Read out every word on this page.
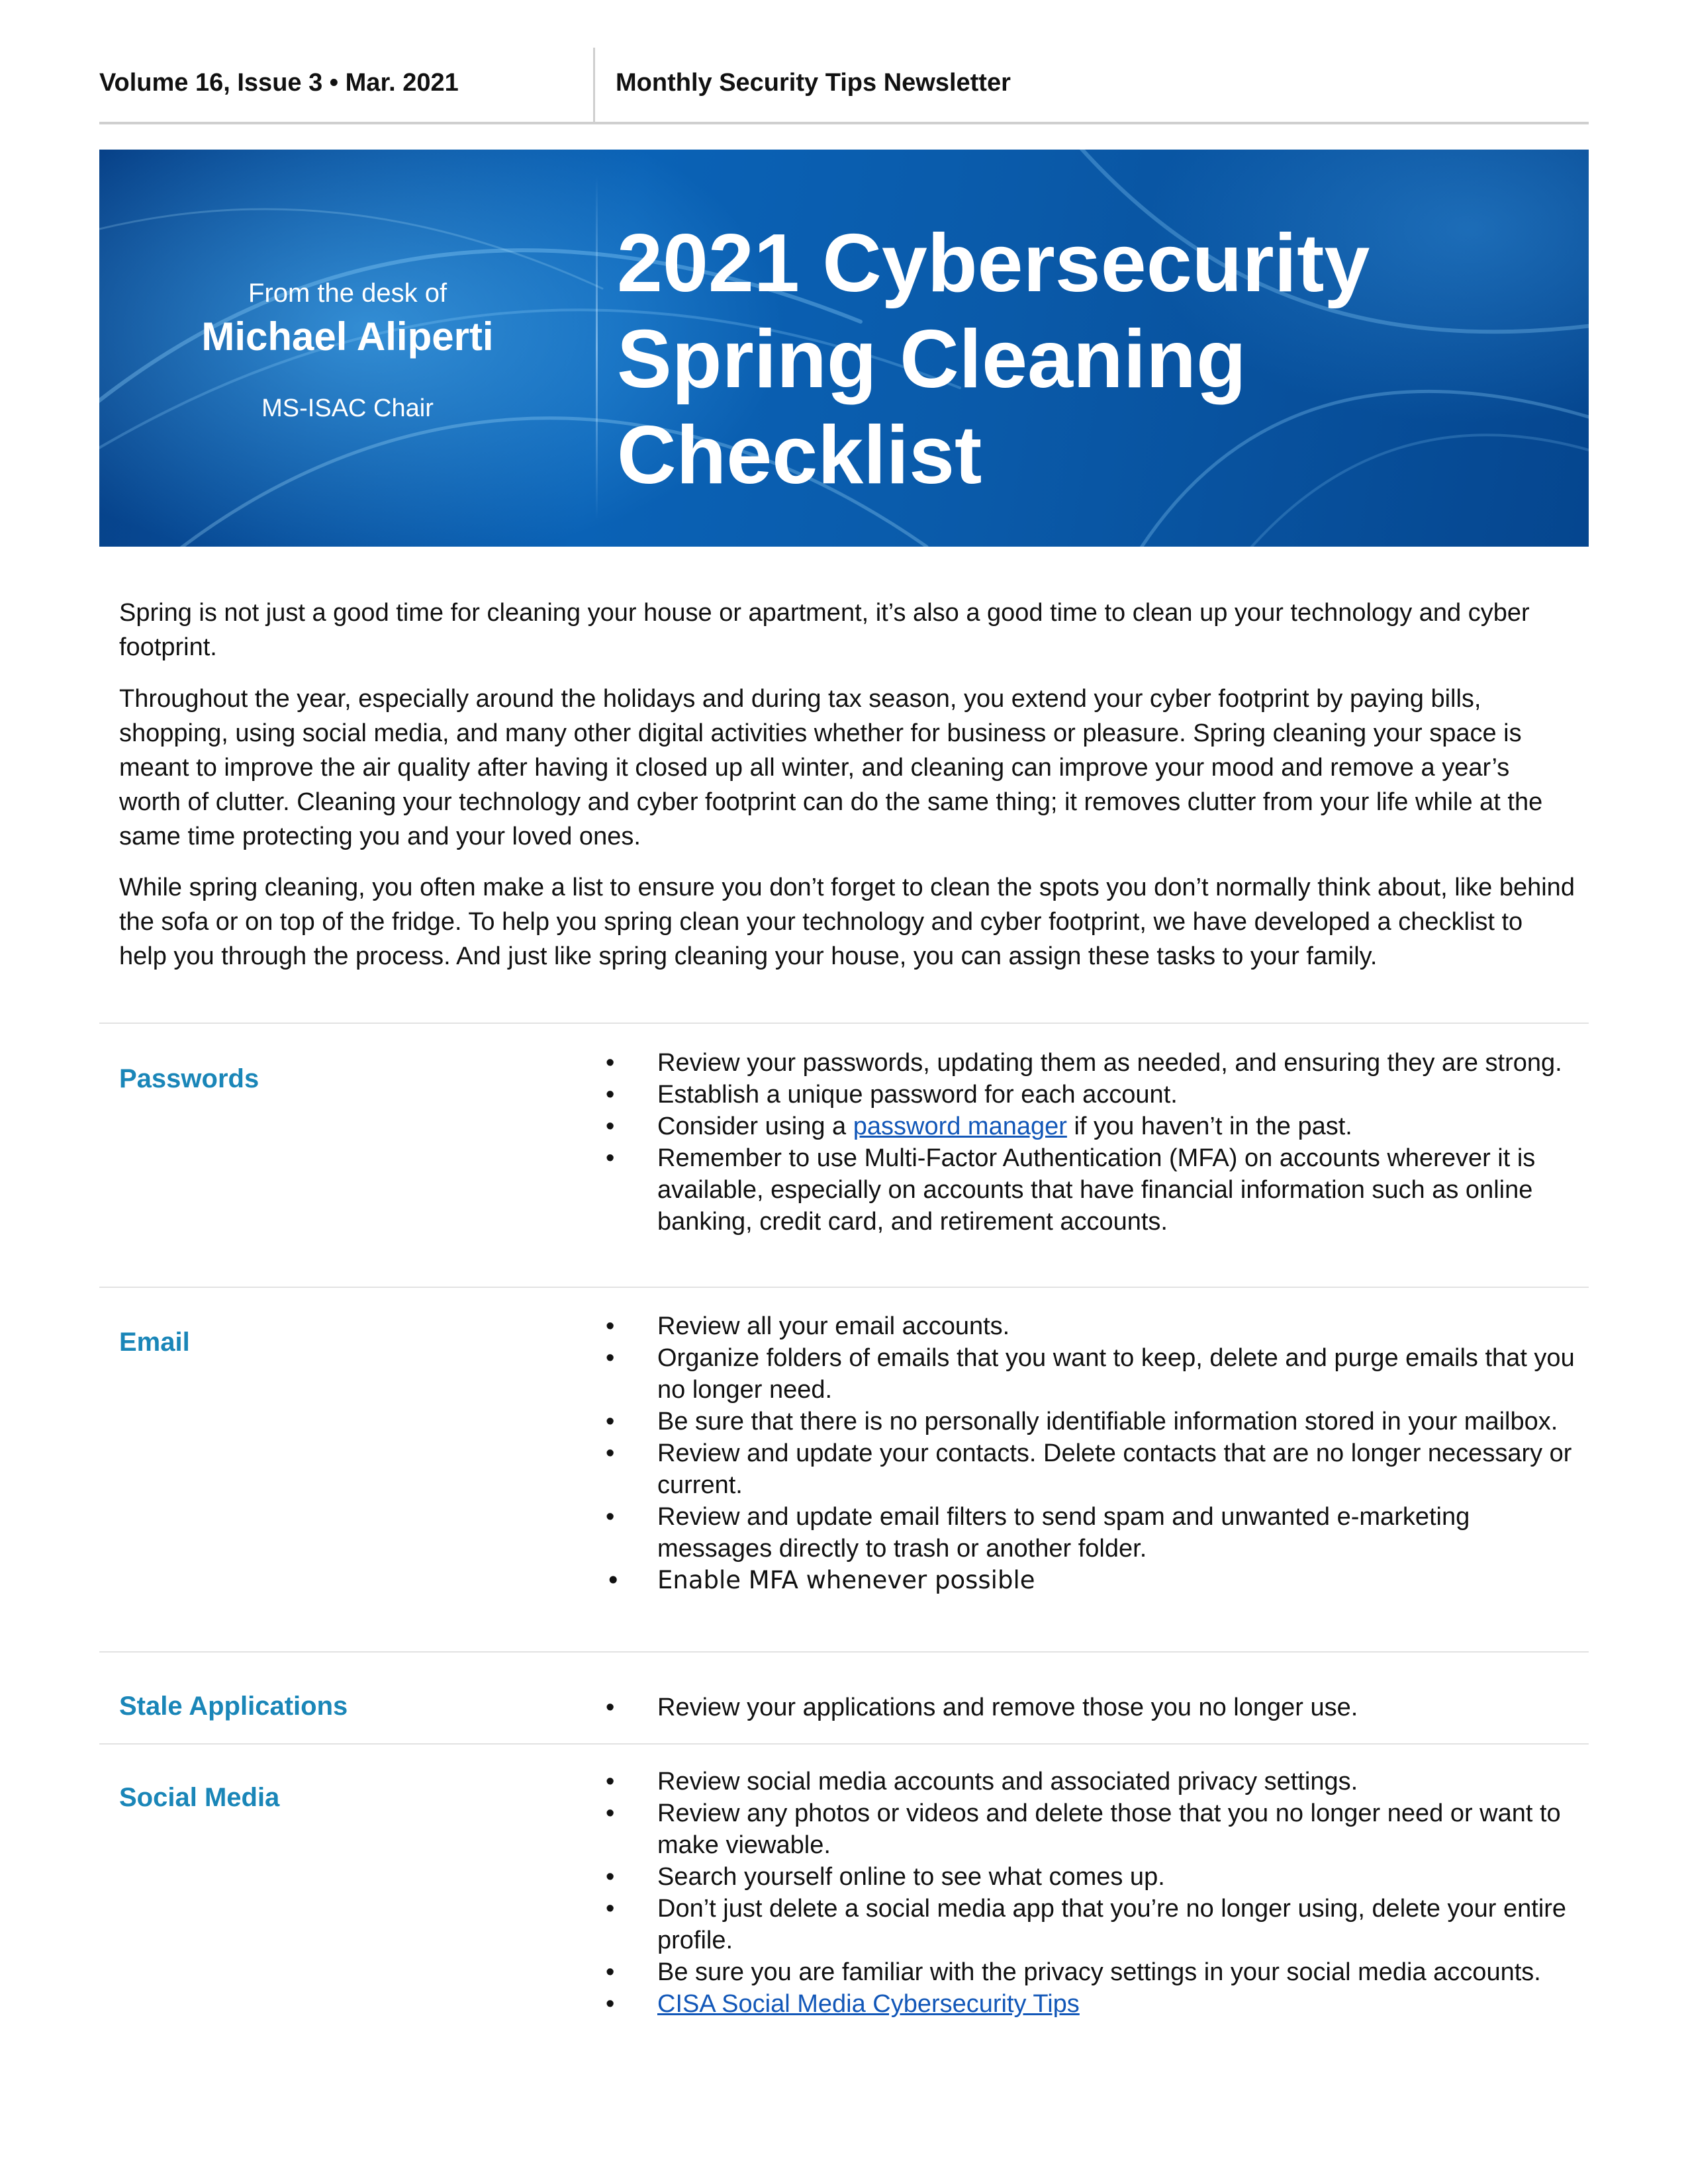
Volume 16, Issue 3 • Mar. 2021	Monthly Security Tips Newsletter
From the desk of
Michael Aliperti
MS-ISAC Chair
2021 Cybersecurity
Spring Cleaning
Checklist
Spring is not just a good time for cleaning your house or apartment, it’s also a good time to clean up your technology and cyber footprint.
Throughout the year, especially around the holidays and during tax season, you extend your cyber footprint by paying bills, shopping, using social media, and many other digital activities whether for business or pleasure. Spring cleaning your space is meant to improve the air quality after having it closed up all winter, and cleaning can improve your mood and remove a year’s worth of clutter. Cleaning your technology and cyber footprint can do the same thing; it removes clutter from your life while at the same time protecting you and your loved ones.
While spring cleaning, you often make a list to ensure you don’t forget to clean the spots you don’t normally think about, like behind the sofa or on top of the fridge. To help you spring clean your technology and cyber footprint, we have developed a checklist to help you through the process. And just like spring cleaning your house, you can assign these tasks to your family.
Passwords
• Review your passwords, updating them as needed, and ensuring they are strong.
• Establish a unique password for each account.
• Consider using a password manager if you haven’t in the past.
• Remember to use Multi-Factor Authentication (MFA) on accounts wherever it is available, especially on accounts that have financial information such as online banking, credit card, and retirement accounts.
Email
• Review all your email accounts.
• Organize folders of emails that you want to keep, delete and purge emails that you no longer need.
• Be sure that there is no personally identifiable information stored in your mailbox.
• Review and update your contacts. Delete contacts that are no longer necessary or current.
• Review and update email filters to send spam and unwanted e-marketing messages directly to trash or another folder.
• Enable MFA whenever possible
Stale Applications
•	Review your applications and remove those you no longer use.
Social Media
• Review social media accounts and associated privacy settings.
• Review any photos or videos and delete those that you no longer need or want to make viewable.
• Search yourself online to see what comes up.
• Don’t just delete a social media app that you’re no longer using, delete your entire profile.
• Be sure you are familiar with the privacy settings in your social media accounts.
• CISA Social Media Cybersecurity Tips
